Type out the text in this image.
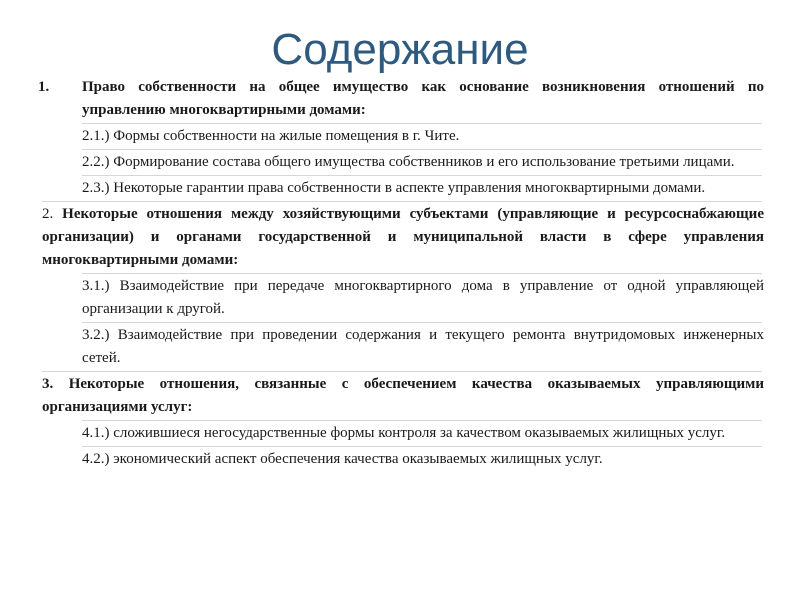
Содержание
1. Право собственности на общее имущество как основание возникновения отношений по управлению многоквартирными домами:
2.1.) Формы собственности на жилые помещения в г. Чите.
2.2.) Формирование состава общего имущества собственников и его использование третьими лицами.
2.3.) Некоторые гарантии права собственности в аспекте управления многоквартирными домами.
2. Некоторые отношения между хозяйствующими субъектами (управляющие и ресурсоснабжающие организации) и органами государственной и муниципальной власти в сфере управления многоквартирными домами:
3.1.) Взаимодействие при передаче многоквартирного дома в управление от одной управляющей организации к другой.
3.2.) Взаимодействие при проведении содержания и текущего ремонта внутридомовых инженерных сетей.
3. Некоторые отношения, связанные с обеспечением качества оказываемых управляющими организациями услуг:
4.1.) сложившиеся негосударственные формы контроля за качеством оказываемых жилищных услуг.
4.2.) экономический аспект обеспечения качества оказываемых жилищных услуг.
